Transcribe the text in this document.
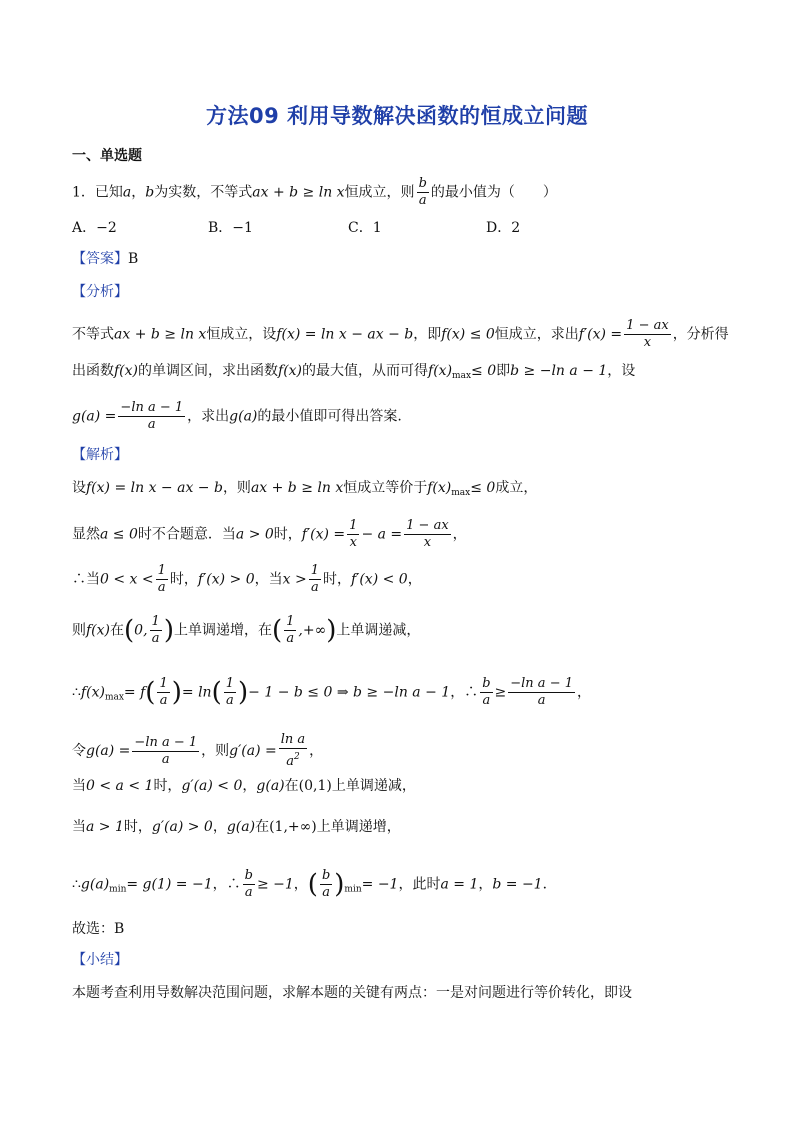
方法09 利用导数解决函数的恒成立问题
一、单选题
1．已知a，b为实数，不等式ax + b ≥ ln x恒成立，则 $\frac{b}{a}$ 的最小值为（　　）
A．−2	B．−1	C．1	D．2
【答案】B
【分析】
不等式ax + b ≥ ln x恒成立，设f(x) = ln x − ax − b，即f(x) ≤ 0恒成立，求出$f'(x) = \frac{1 - ax}{x}$ ，分析得
出函数f(x)的单调区间，求出函数f(x)的最大值，从而可得$f(x)_{max}\le 0$即b ≥ −ln a − 1，设
$g(a) = \frac{\text{−ln a − 1}}{a}$ ，求出g(a)的最小值即可得出答案.
【解析】
设f(x) = ln x − ax − b，则ax + b ≥ ln x恒成立等价于$f(x)_{max}\le 0$成立，
显然a ≤ 0时不合题意．当a > 0时，$f'(x) = \frac{1}{x} - a = \frac{1 - ax}{x}$ ，
∴当$0 < x < \frac{1}{a}$ 时，f′(x) > 0，当$x > \frac{1}{a}$ 时，f′(x) < 0，
则f(x)在(0, $\frac{1}{a}$ )上单调递增，在( $\frac{1}{a}$ ,+∞)上单调递减，
$\therefore f(x)_{max}= f( \frac{1}{a}$ )= $\ln( \frac{1}{a}$ )− 1 − b ≤ 0 ⇒ b ≥ −ln a − 1，∴ $\frac{b}{a} \ge \frac{\text{−ln a − 1}}{a}$ ，
令$g(a) = \frac{\text{−ln a − 1}}{a}$ ，则$g'(a) = \frac{\text{ln a}}{a^2}$ ，
当0 < a < 1时，g′(a) < 0，g(a)在(0,1)上单调递减，
当a > 1时，g′(a) > 0，g(a)在(1,+∞)上单调递增，
$\therefore g(a)_{min}= g(1) = -1$，∴ $\frac{b}{a} \ge -1$，( $\frac{b}{a} )_{min}= -1$，此时a = 1，b = −1．
故选：B
【小结】
本题考查利用导数解决范围问题，求解本题的关键有两点：一是对问题进行等价转化，即设
